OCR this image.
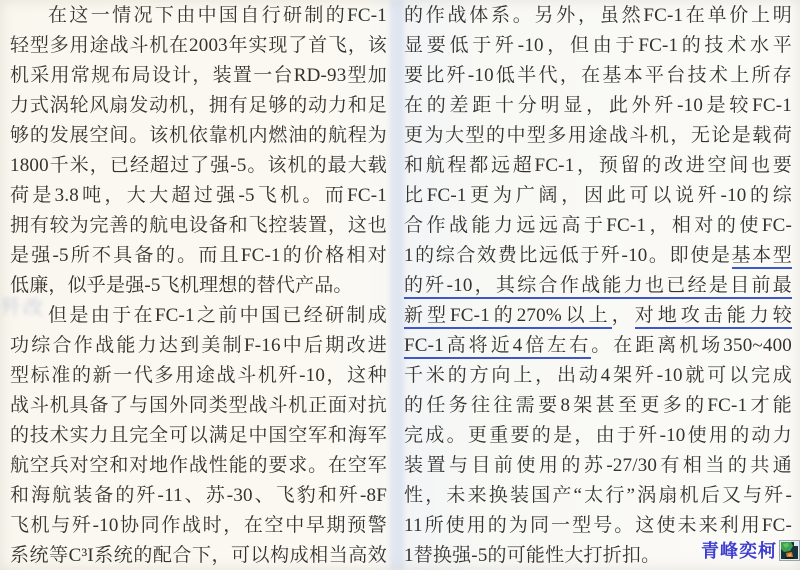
歼改
在这一情况下由中国自行研制的FC-1
轻型多用途战斗机在2003年实现了首飞，该
机采用常规布局设计，装置一台RD-93型加
力式涡轮风扇发动机，拥有足够的动力和足
够的发展空间。该机依靠机内燃油的航程为
1800千米，已经超过了强-5。该机的最大载
荷是3.8吨，大大超过强-5飞机。而FC-1
拥有较为完善的航电设备和飞控装置，这也
是强-5所不具备的。而且FC-1的价格相对
低廉，似乎是强-5飞机理想的替代产品。
但是由于在FC-1之前中国已经研制成
功综合作战能力达到美制F-16中后期改进
型标准的新一代多用途战斗机歼-10，这种
战斗机具备了与国外同类型战斗机正面对抗
的技术实力且完全可以满足中国空军和海军
航空兵对空和对地作战性能的要求。在空军
和海航装备的歼-11、苏-30、飞豹和歼-8F
飞机与歼-10协同作战时，在空中早期预警
系统等C³I系统的配合下，可以构成相当高效
的作战体系。另外，虽然FC-1在单价上明
显要低于歼-10，但由于FC-1的技术水平
要比歼-10低半代，在基本平台技术上所存
在的差距十分明显，此外歼-10是较FC-1
更为大型的中型多用途战斗机，无论是载荷
和航程都远超FC-1，预留的改进空间也要
比FC-1更为广阔，因此可以说歼-10的综
合作战能力远远高于FC-1，相对的使FC-
1的综合效费比远低于歼-10。即使是基本型
的歼-10，其综合作战能力也已经是目前最
新型FC-1的270%以上，对地攻击能力较
FC-1高将近4倍左右。在距离机场350~400
千米的方向上，出动4架歼-10就可以完成
的任务往往需要8架甚至更多的FC-1才能
完成。更重要的是，由于歼-10使用的动力
装置与目前使用的苏-27/30有相当的共通
性，未来换装国产“太行”涡扇机后又与歼-
11所使用的为同一型号。这使未来利用FC-
1替换强-5的可能性大打折扣。	青峰奕柯
